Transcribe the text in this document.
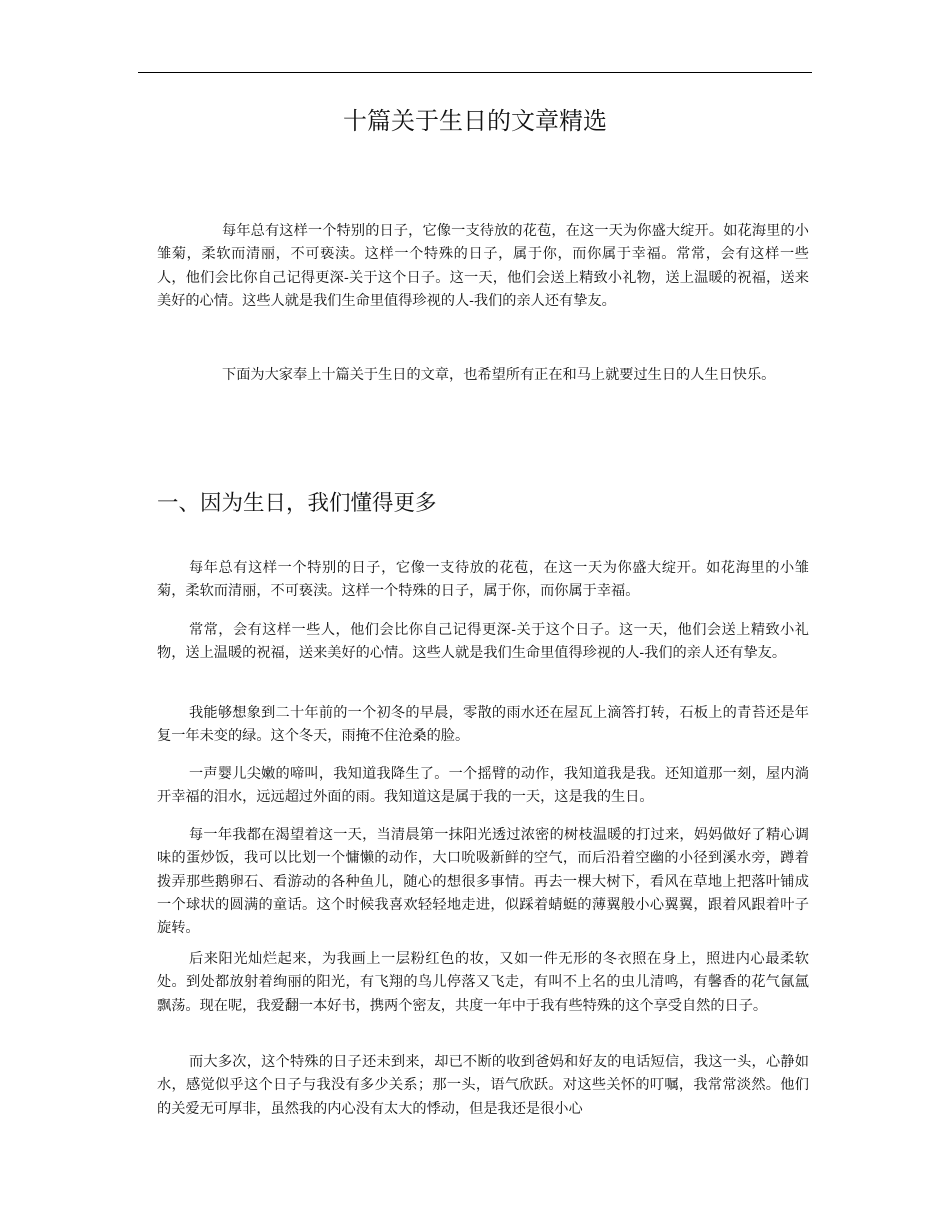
十篇关于生日的文章精选

每年总有这样一个特别的日子，它像一支待放的花苞，在这一天为你盛大绽开。如花海里的小雏菊，柔软而清丽，不可亵渎。这样一个特殊的日子，属于你，而你属于幸福。常常，会有这样一些人，他们会比你自己记得更深-关于这个日子。这一天，他们会送上精致小礼物，送上温暖的祝福，送来美好的心情。这些人就是我们生命里值得珍视的人-我们的亲人还有挚友。

下面为大家奉上十篇关于生日的文章，也希望所有正在和马上就要过生日的人生日快乐。

一、因为生日，我们懂得更多

每年总有这样一个特别的日子，它像一支待放的花苞，在这一天为你盛大绽开。如花海里的小雏菊，柔软而清丽，不可亵渎。这样一个特殊的日子，属于你，而你属于幸福。

常常，会有这样一些人，他们会比你自己记得更深-关于这个日子。这一天，他们会送上精致小礼物，送上温暖的祝福，送来美好的心情。这些人就是我们生命里值得珍视的人-我们的亲人还有挚友。

我能够想象到二十年前的一个初冬的早晨，零散的雨水还在屋瓦上滴答打转，石板上的青苔还是年复一年未变的绿。这个冬天，雨掩不住沧桑的脸。

一声婴儿尖嫩的啼叫，我知道我降生了。一个摇臂的动作，我知道我是我。还知道那一刻，屋内淌开幸福的泪水，远远超过外面的雨。我知道这是属于我的一天，这是我的生日。

每一年我都在渴望着这一天，当清晨第一抹阳光透过浓密的树枝温暖的打过来，妈妈做好了精心调味的蛋炒饭，我可以比划一个慵懒的动作，大口吮吸新鲜的空气，而后沿着空幽的小径到溪水旁，蹲着拨弄那些鹅卵石、看游动的各种鱼儿，随心的想很多事情。再去一棵大树下，看风在草地上把落叶铺成一个球状的圆满的童话。这个时候我喜欢轻轻地走进，似踩着蜻蜓的薄翼般小心翼翼，跟着风跟着叶子旋转。

后来阳光灿烂起来，为我画上一层粉红色的妆，又如一件无形的冬衣照在身上，照进内心最柔软处。到处都放射着绚丽的阳光，有飞翔的鸟儿停落又飞走，有叫不上名的虫儿清鸣，有馨香的花气氤氲飘荡。现在呢，我爱翻一本好书，携两个密友，共度一年中于我有些特殊的这个享受自然的日子。

而大多次，这个特殊的日子还未到来，却已不断的收到爸妈和好友的电话短信，我这一头，心静如水，感觉似乎这个日子与我没有多少关系；那一头，语气欣跃。对这些关怀的叮嘱，我常常淡然。他们的关爱无可厚非，虽然我的内心没有太大的悸动，但是我还是很小心
